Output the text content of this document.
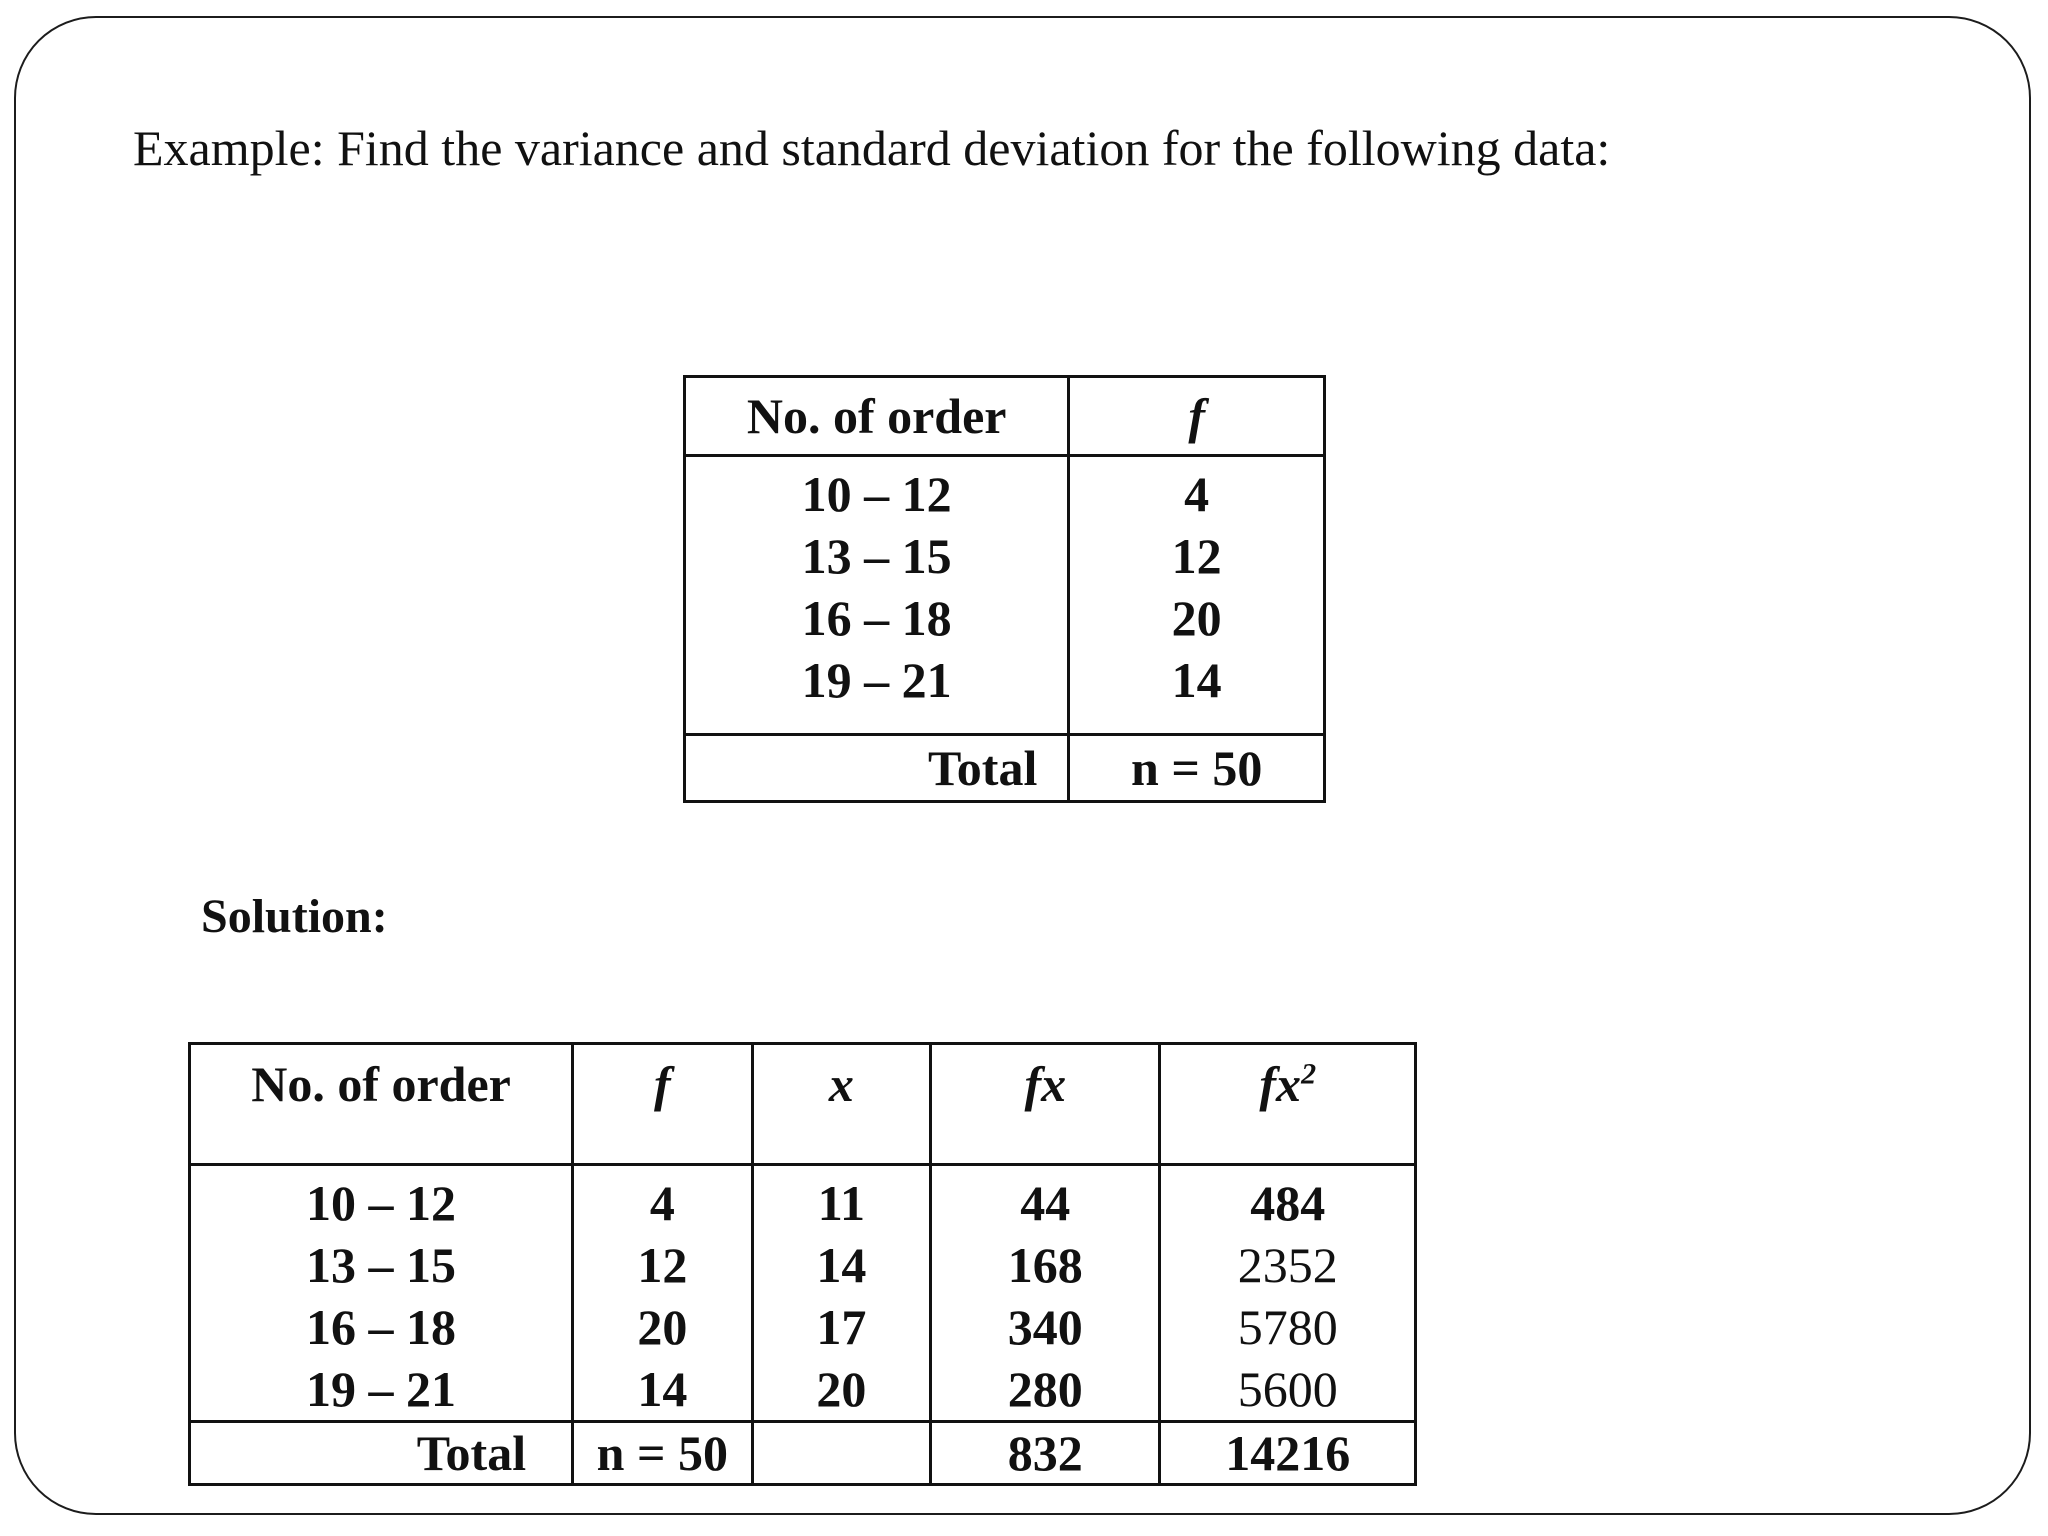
Example: Find the variance and standard deviation for the following data:
No. of order	f
10 – 12	4
13 – 15	12
16 – 18	20
19 – 21	14
Total	n = 50
Solution:
No. of order	f	x	fx	$fx^2$
10 – 12	4	11	44	484
13 – 15	12	14	168	2352
16 – 18	20	17	340	5780
19 – 21	14	20	280	5600
Total	n = 50		832	14216
